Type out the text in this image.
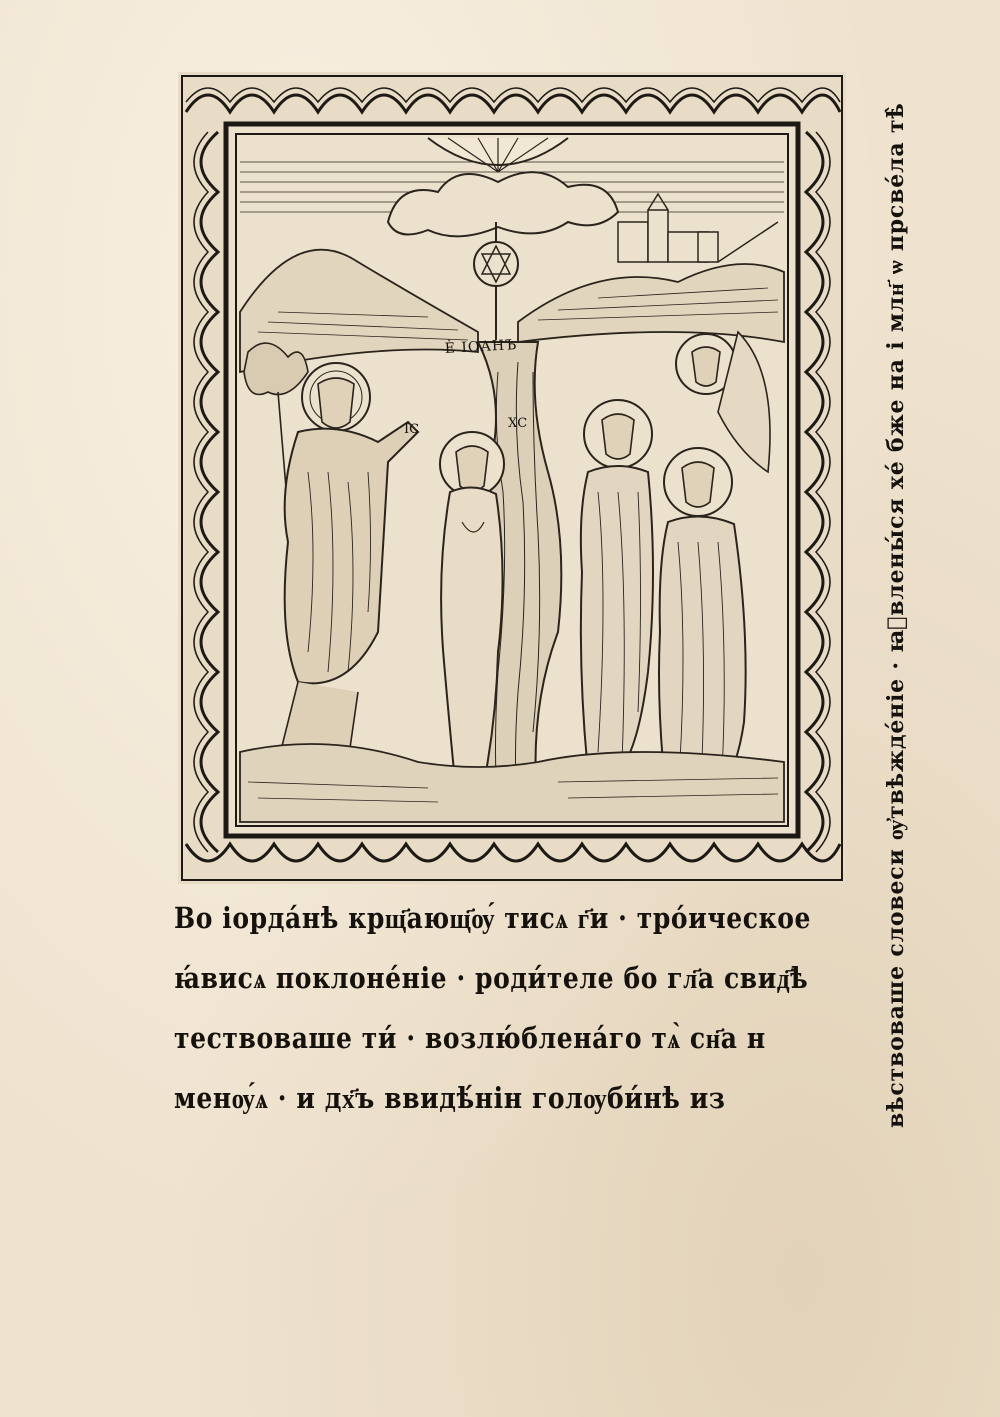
Ѐ ІОАНЪ
ІС	ХС
Во іорда́нѣ крщ҃ающ҃ѹ́ тисѧ г҃и · тро́ическое
ꙗ́висѧ поклоне́ніе · роди́теле бо гл҃а свид҃ѣ
тествоваше ти́ · возлю́блена́го тѧ̀ сн҃а н
менѹ́ѧ · и дх҃ъ ввидѣ́нін голѹби́нѣ из	вѣствоваше словеси ѹ҆твѣжде́ніе · ꙗ҆влены́ся хе́ бже на і млн҃ ѡ прсве́ла тѣ̀
